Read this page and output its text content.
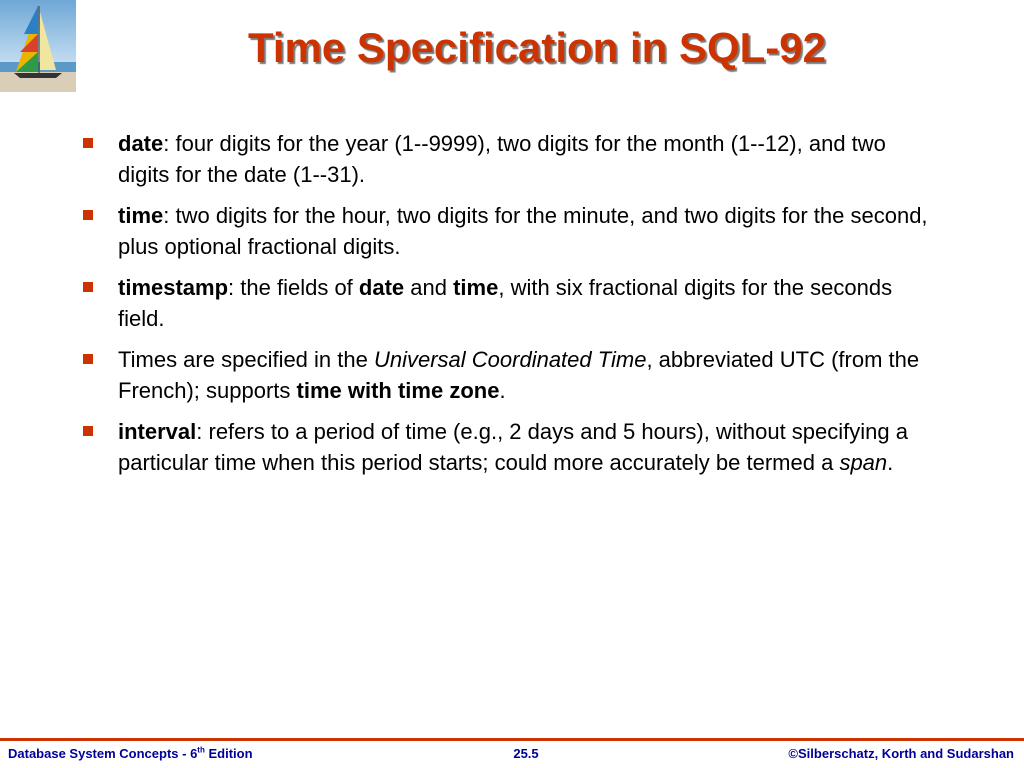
Time Specification in SQL-92
date: four digits for the year (1--9999), two digits for the month (1--12), and two digits for the date (1--31).
time: two digits for the hour, two digits for the minute, and two digits for the second, plus optional fractional digits.
timestamp: the fields of date and time, with six fractional digits for the seconds field.
Times are specified in the Universal Coordinated Time, abbreviated UTC (from the French); supports time with time zone.
interval: refers to a period of time (e.g., 2 days and 5 hours), without specifying a particular time when this period starts; could more accurately be termed a span.
Database System Concepts - 6th Edition	25.5	©Silberschatz, Korth and Sudarshan
